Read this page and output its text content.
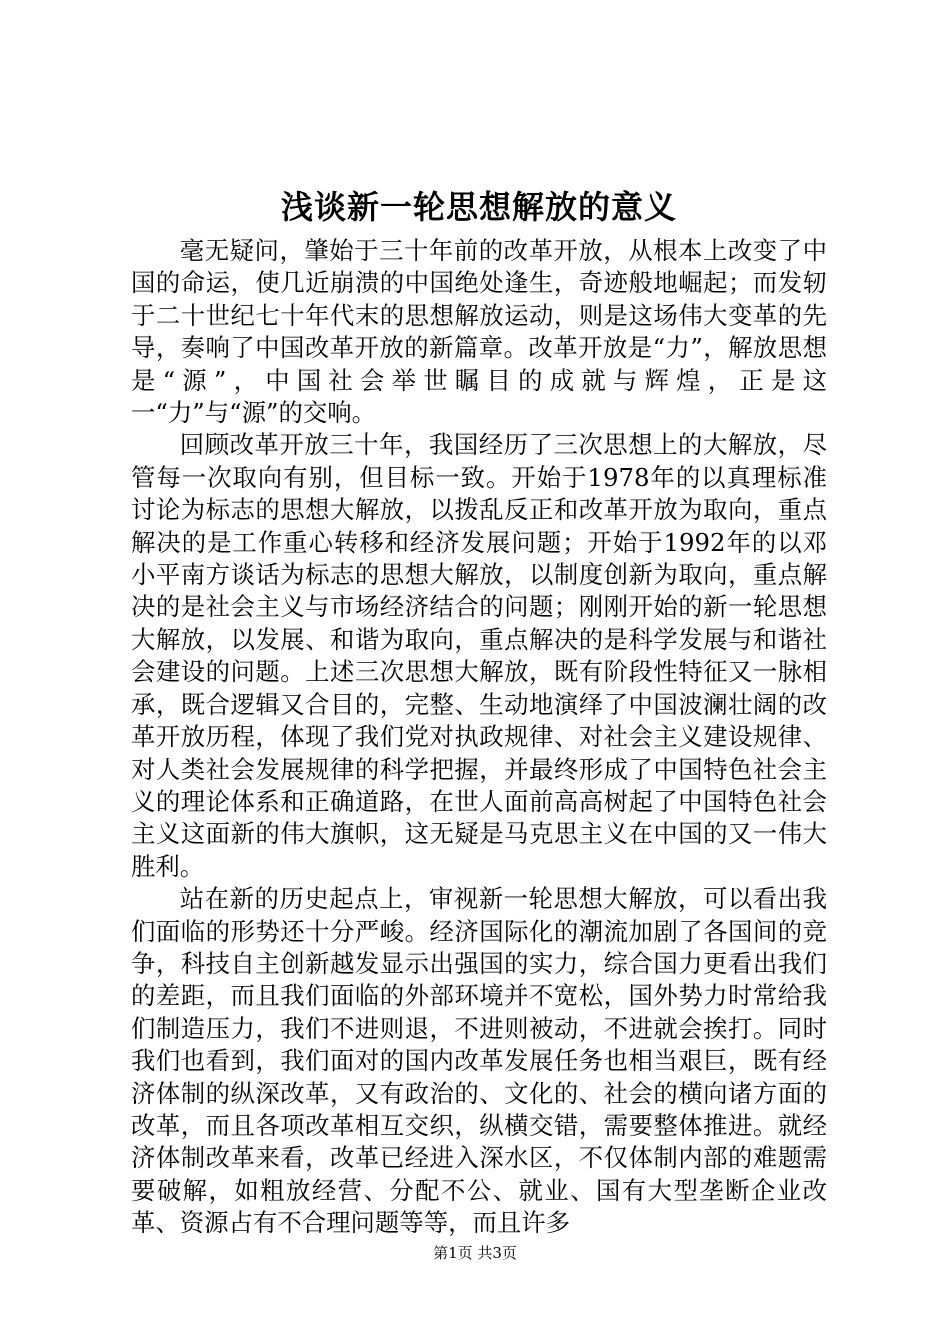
浅谈新一轮思想解放的意义

毫无疑问，肇始于三十年前的改革开放，从根本上改变了中国的命运，使几近崩溃的中国绝处逢生，奇迹般地崛起；而发轫于二十世纪七十年代末的思想解放运动，则是这场伟大变革的先导，奏响了中国改革开放的新篇章。改革开放是“力”，解放思想是“源”，中国社会举世瞩目的成就与辉煌，正是这一“力”与“源”的交响。

回顾改革开放三十年，我国经历了三次思想上的大解放，尽管每一次取向有别，但目标一致。开始于1978年的以真理标准讨论为标志的思想大解放，以拨乱反正和改革开放为取向，重点解决的是工作重心转移和经济发展问题；开始于1992年的以邓小平南方谈话为标志的思想大解放，以制度创新为取向，重点解决的是社会主义与市场经济结合的问题；刚刚开始的新一轮思想大解放，以发展、和谐为取向，重点解决的是科学发展与和谐社会建设的问题。上述三次思想大解放，既有阶段性特征又一脉相承，既合逻辑又合目的，完整、生动地演绎了中国波澜壮阔的改革开放历程，体现了我们党对执政规律、对社会主义建设规律、对人类社会发展规律的科学把握，并最终形成了中国特色社会主义的理论体系和正确道路，在世人面前高高树起了中国特色社会主义这面新的伟大旗帜，这无疑是马克思主义在中国的又一伟大胜利。

站在新的历史起点上，审视新一轮思想大解放，可以看出我们面临的形势还十分严峻。经济国际化的潮流加剧了各国间的竞争，科技自主创新越发显示出强国的实力，综合国力更看出我们的差距，而且我们面临的外部环境并不宽松，国外势力时常给我们制造压力，我们不进则退，不进则被动，不进就会挨打。同时我们也看到，我们面对的国内改革发展任务也相当艰巨，既有经济体制的纵深改革，又有政治的、文化的、社会的横向诸方面的改革，而且各项改革相互交织，纵横交错，需要整体推进。就经济体制改革来看，改革已经进入深水区，不仅体制内部的难题需要破解，如粗放经营、分配不公、就业、国有大型垄断企业改革、资源占有不合理问题等等，而且许多

第1页 共3页
